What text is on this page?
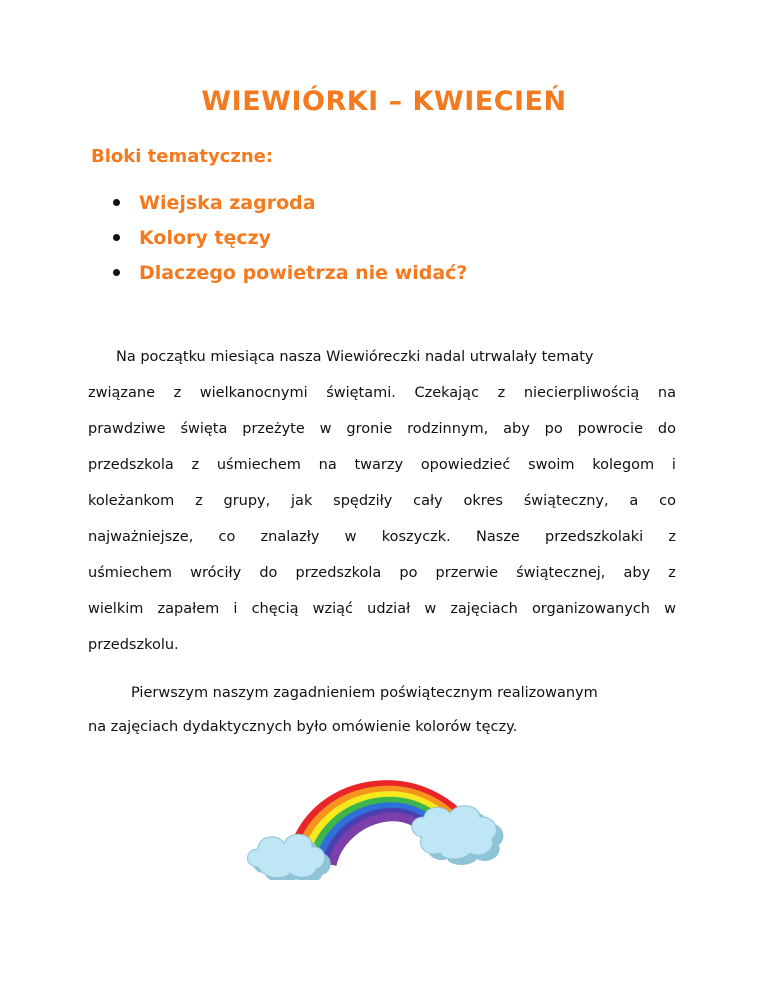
WIEWIÓRKI – KWIECIEŃ
Bloki tematyczne:
Wiejska zagroda
Kolory tęczy
Dlaczego powietrza nie widać?
Na początku miesiąca nasza Wiewióreczki nadal utrwalały tematy
związane z wielkanocnymi świętami. Czekając z niecierpliwością na
prawdziwe święta przeżyte w gronie rodzinnym, aby po powrocie do
przedszkola z uśmiechem na twarzy opowiedzieć swoim kolegom i
koleżankom z grupy, jak spędziły cały okres świąteczny, a co
najważniejsze, co znalazły w koszyczk. Nasze przedszkolaki z
uśmiechem wróciły do przedszkola po przerwie świątecznej, aby z
wielkim zapałem i chęcią wziąć udział w zajęciach organizowanych w
przedszkolu.
Pierwszym naszym zagadnieniem poświątecznym realizowanym
na zajęciach dydaktycznych było omówienie kolorów tęczy.
